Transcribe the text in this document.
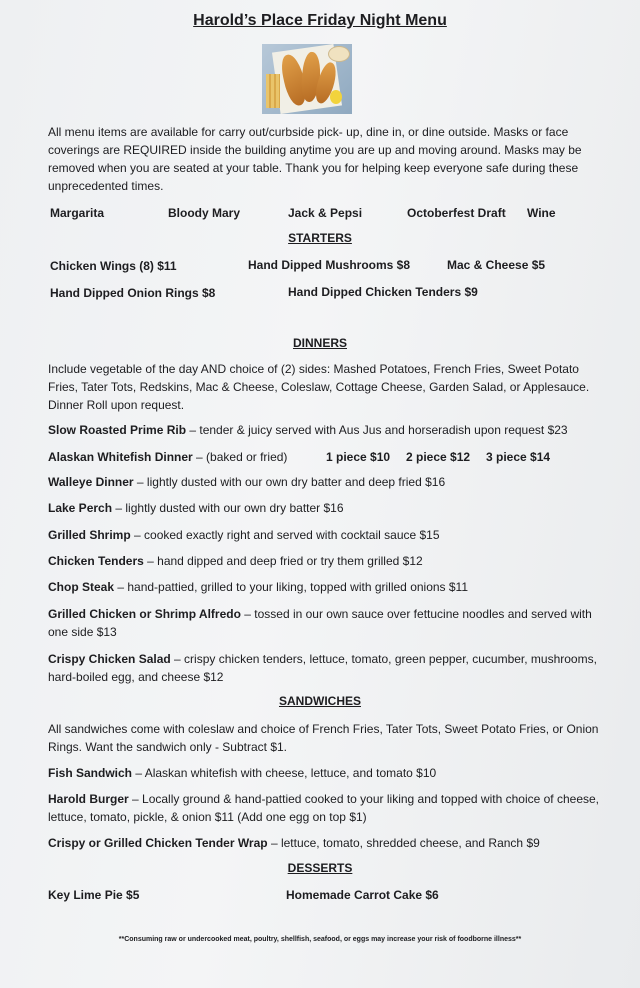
Harold’s Place Friday Night Menu
All menu items are available for carry out/curbside pick- up, dine in, or dine outside. Masks or face coverings are REQUIRED inside the building anytime you are up and moving around. Masks may be removed when you are seated at your table. Thank you for helping keep everyone safe during these unprecedented times.
Margarita	Bloody Mary	Jack & Pepsi	Octoberfest Draft Wine
STARTERS
Chicken Wings (8) $11	Hand Dipped Mushrooms $8	Mac & Cheese $5
Hand Dipped Onion Rings $8	Hand Dipped Chicken Tenders $9
DINNERS
Include vegetable of the day AND choice of (2) sides: Mashed Potatoes, French Fries, Sweet Potato Fries, Tater Tots, Redskins, Mac & Cheese, Coleslaw, Cottage Cheese, Garden Salad, or Applesauce. Dinner Roll upon request.
Slow Roasted Prime Rib – tender & juicy served with Aus Jus and horseradish upon request $23
Alaskan Whitefish Dinner – (baked or fried)	1 piece $10 2 piece $12 3 piece $14
Walleye Dinner – lightly dusted with our own dry batter and deep fried $16
Lake Perch – lightly dusted with our own dry batter $16
Grilled Shrimp – cooked exactly right and served with cocktail sauce $15
Chicken Tenders – hand dipped and deep fried or try them grilled $12
Chop Steak – hand-pattied, grilled to your liking, topped with grilled onions $11
Grilled Chicken or Shrimp Alfredo – tossed in our own sauce over fettucine noodles and served with one side $13
Crispy Chicken Salad – crispy chicken tenders, lettuce, tomato, green pepper, cucumber, mushrooms, hard-boiled egg, and cheese $12
SANDWICHES
All sandwiches come with coleslaw and choice of French Fries, Tater Tots, Sweet Potato Fries, or Onion Rings. Want the sandwich only - Subtract $1.
Fish Sandwich – Alaskan whitefish with cheese, lettuce, and tomato $10
Harold Burger – Locally ground & hand-pattied cooked to your liking and topped with choice of cheese, lettuce, tomato, pickle, & onion $11 (Add one egg on top $1)
Crispy or Grilled Chicken Tender Wrap – lettuce, tomato, shredded cheese, and Ranch $9
DESSERTS
Key Lime Pie $5	Homemade Carrot Cake $6
**Consuming raw or undercooked meat, poultry, shellfish, seafood, or eggs may increase your risk of foodborne illness**
